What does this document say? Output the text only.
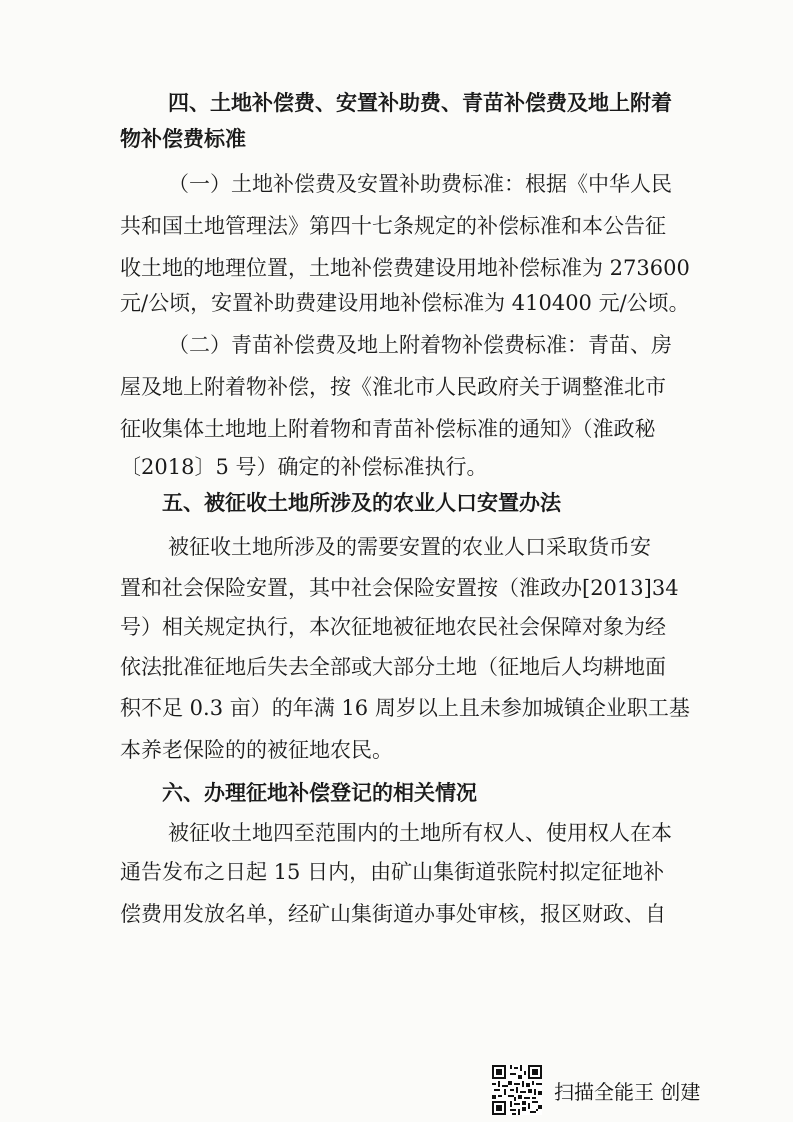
四、土地补偿费、安置补助费、青苗补偿费及地上附着
物补偿费标准
（一）土地补偿费及安置补助费标准：根据《中华人民
共和国土地管理法》第四十七条规定的补偿标准和本公告征
收土地的地理位置，土地补偿费建设用地补偿标准为 273600
元/公顷，安置补助费建设用地补偿标准为 410400 元/公顷。
（二）青苗补偿费及地上附着物补偿费标准：青苗、房
屋及地上附着物补偿，按《淮北市人民政府关于调整淮北市
征收集体土地地上附着物和青苗补偿标准的通知》（淮政秘
〔2018〕5 号）确定的补偿标准执行。
五、被征收土地所涉及的农业人口安置办法
被征收土地所涉及的需要安置的农业人口采取货币安
置和社会保险安置，其中社会保险安置按（淮政办[2013]34
号）相关规定执行，本次征地被征地农民社会保障对象为经
依法批准征地后失去全部或大部分土地（征地后人均耕地面
积不足 0.3 亩）的年满 16 周岁以上且未参加城镇企业职工基
本养老保险的的被征地农民。
六、办理征地补偿登记的相关情况
被征收土地四至范围内的土地所有权人、使用权人在本
通告发布之日起 15 日内，由矿山集街道张院村拟定征地补
偿费用发放名单，经矿山集街道办事处审核，报区财政、自
扫描全能王 创建
